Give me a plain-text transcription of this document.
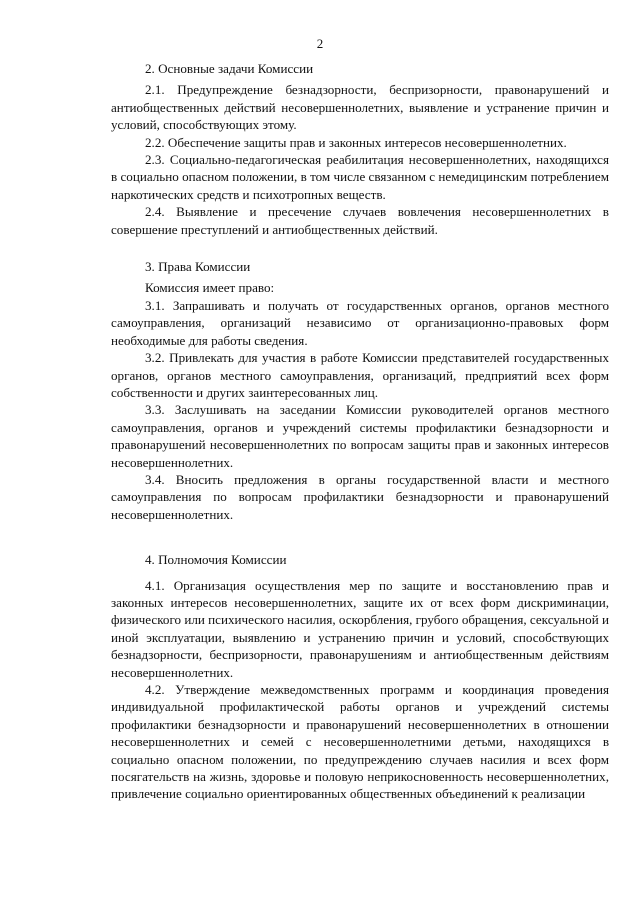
2

2. Основные задачи Комиссии

2.1. Предупреждение безнадзорности, беспризорности, правонарушений и антиобщественных действий несовершеннолетних, выявление и устранение причин и условий, способствующих этому.

2.2. Обеспечение защиты прав и законных интересов несовершеннолетних.

2.3. Социально-педагогическая реабилитация несовершеннолетних, находящихся в социально опасном положении, в том числе связанном с немедицинским потреблением наркотических средств и психотропных веществ.

2.4. Выявление и пресечение случаев вовлечения несовершеннолетних в совершение преступлений и антиобщественных действий.

3. Права Комиссии

Комиссия имеет право:

3.1. Запрашивать и получать от государственных органов, органов местного самоуправления, организаций независимо от организационно-правовых форм необходимые для работы сведения.

3.2. Привлекать для участия в работе Комиссии представителей государственных органов, органов местного самоуправления, организаций, предприятий всех форм собственности и других заинтересованных лиц.

3.3. Заслушивать на заседании Комиссии руководителей органов местного самоуправления, органов и учреждений системы профилактики безнадзорности и правонарушений несовершеннолетних по вопросам защиты прав и законных интересов несовершеннолетних.

3.4. Вносить предложения в органы государственной власти и местного самоуправления по вопросам профилактики безнадзорности и правонарушений несовершеннолетних.

4. Полномочия Комиссии

4.1. Организация осуществления мер по защите и восстановлению прав и законных интересов несовершеннолетних, защите их от всех форм дискриминации, физического или психического насилия, оскорбления, грубого обращения, сексуальной и иной эксплуатации, выявлению и устранению причин и условий, способствующих безнадзорности, беспризорности, правонарушениям и антиобщественным действиям несовершеннолетних.

4.2. Утверждение межведомственных программ и координация проведения индивидуальной профилактической работы органов и учреждений системы профилактики безнадзорности и правонарушений несовершеннолетних в отношении несовершеннолетних и семей с несовершеннолетними детьми, находящихся в социально опасном положении, по предупреждению случаев насилия и всех форм посягательств на жизнь, здоровье и половую неприкосновенность несовершеннолетних, привлечение социально ориентированных общественных объединений к реализации
